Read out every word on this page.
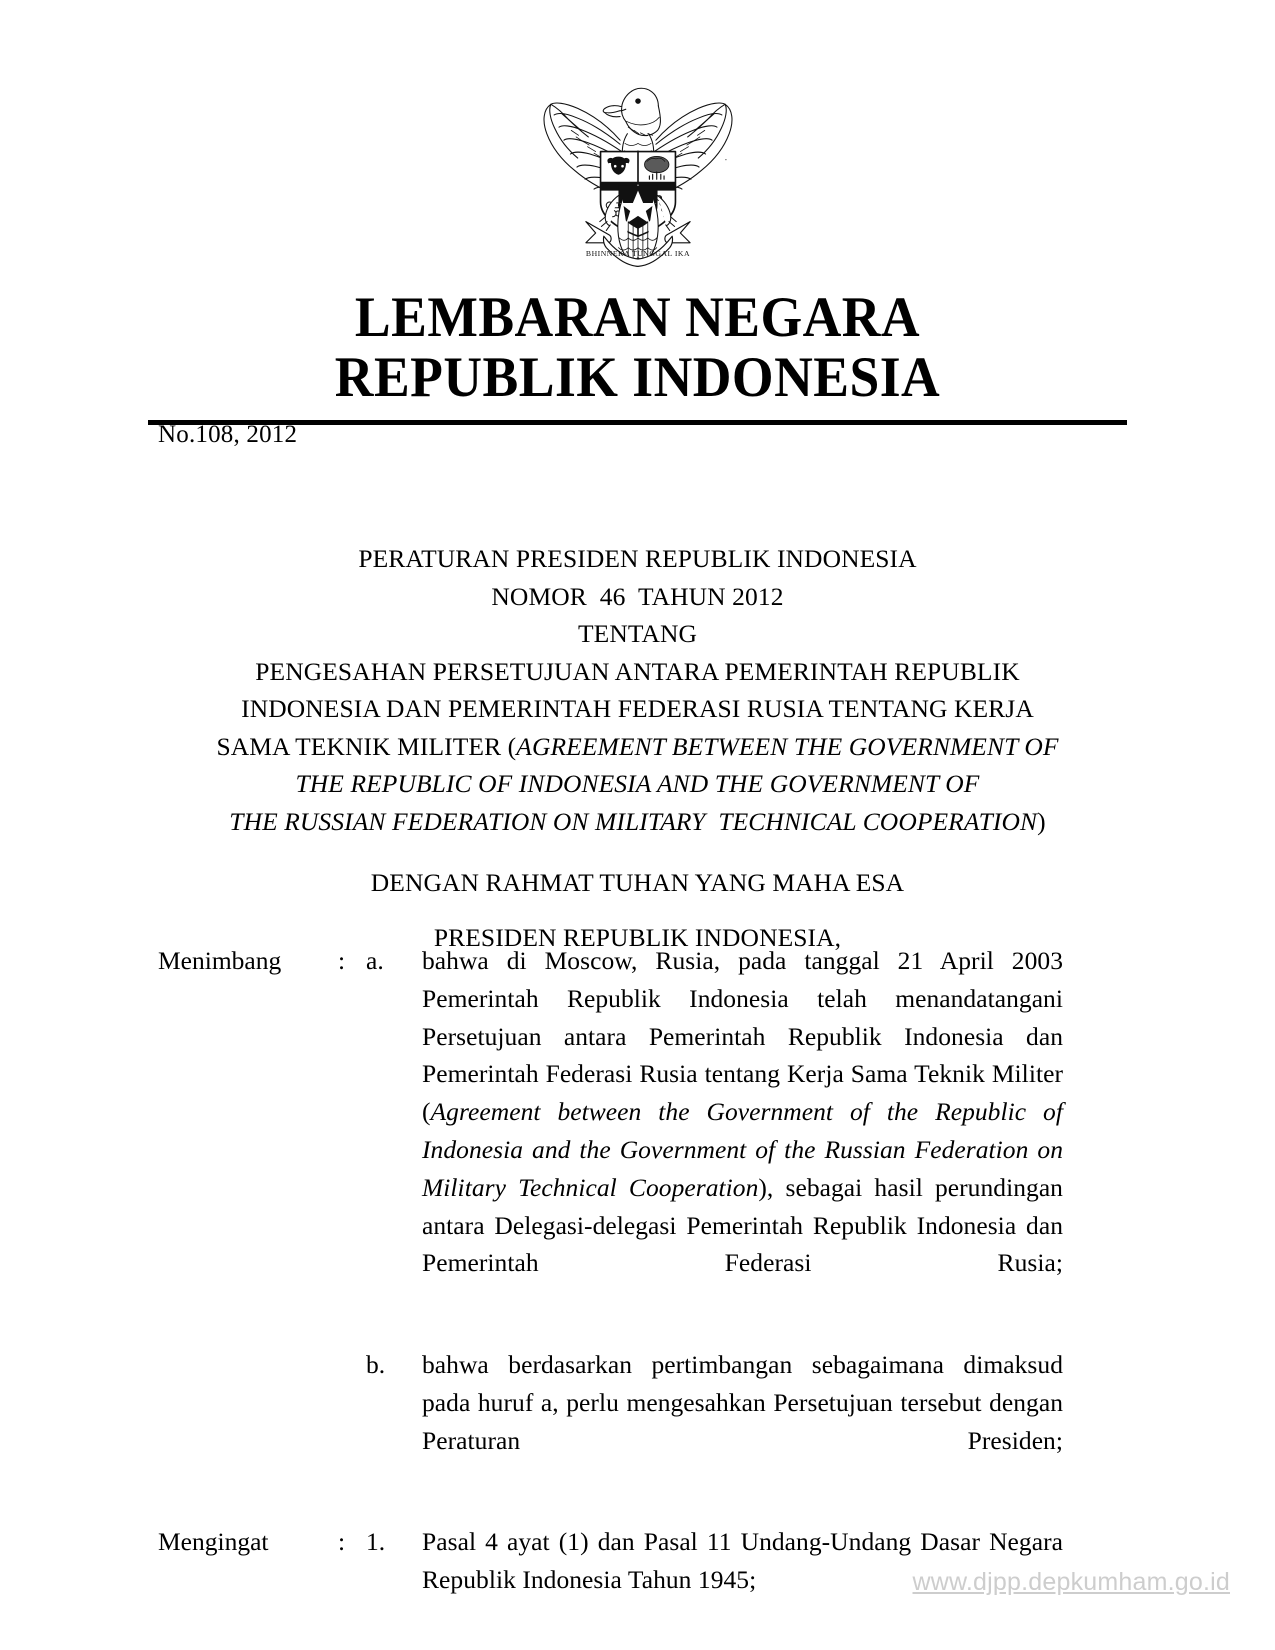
BHINNEKA TUNGGAL IKA
LEMBARAN NEGARA
REPUBLIK INDONESIA
No.108, 2012
PERATURAN PRESIDEN REPUBLIK INDONESIA
NOMOR  46  TAHUN 2012
TENTANG
PENGESAHAN PERSETUJUAN ANTARA PEMERINTAH REPUBLIK
INDONESIA DAN PEMERINTAH FEDERASI RUSIA TENTANG KERJA
SAMA TEKNIK MILITER (AGREEMENT BETWEEN THE GOVERNMENT OF
THE REPUBLIC OF INDONESIA AND THE GOVERNMENT OF
THE RUSSIAN FEDERATION ON MILITARY  TECHNICAL COOPERATION)
DENGAN RAHMAT TUHAN YANG MAHA ESA
PRESIDEN REPUBLIK INDONESIA,
Menimbang	: a.	bahwa di Moscow, Rusia, pada tanggal 21 April 2003 Pemerintah Republik Indonesia telah menandatangani Persetujuan antara Pemerintah Republik Indonesia dan Pemerintah Federasi Rusia tentang Kerja Sama Teknik Militer (Agreement between the Government of the Republic of Indonesia and the Government of the Russian Federation on Military Technical Cooperation), sebagai hasil perundingan antara Delegasi-delegasi Pemerintah Republik Indonesia dan Pemerintah Federasi Rusia;
b.	bahwa berdasarkan pertimbangan sebagaimana dimaksud pada huruf a, perlu mengesahkan Persetujuan tersebut dengan Peraturan Presiden;
Mengingat	: 1.	Pasal 4 ayat (1) dan Pasal 11 Undang-Undang Dasar Negara Republik Indonesia Tahun 1945;	www.djpp.depkumham.go.id
